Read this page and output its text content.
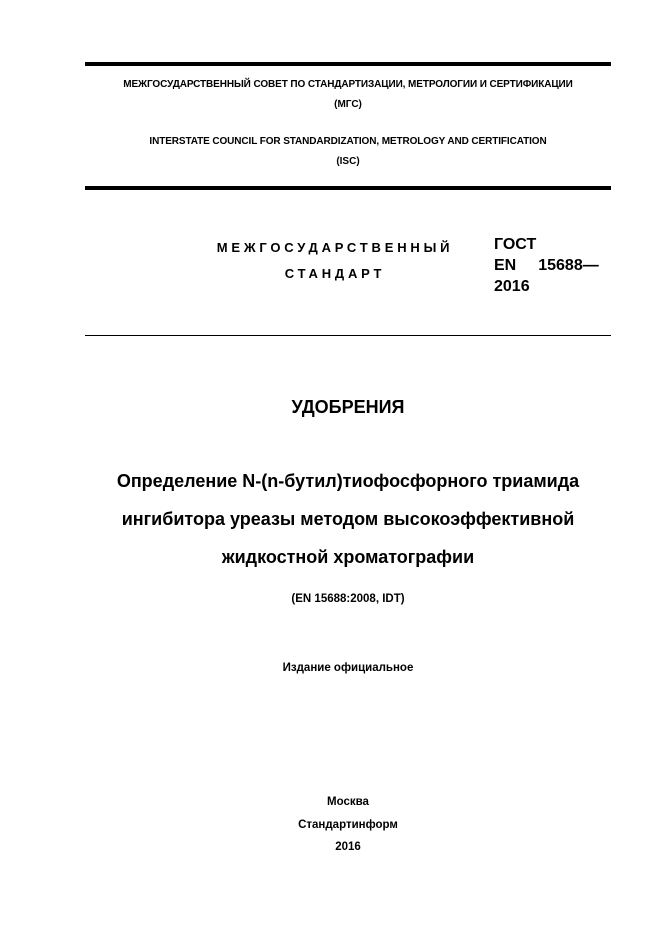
МЕЖГОСУДАРСТВЕННЫЙ СОВЕТ ПО СТАНДАРТИЗАЦИИ, МЕТРОЛОГИИ И СЕРТИФИКАЦИИ
(МГС)
INTERSTATE COUNCIL FOR STANDARDIZATION, METROLOGY AND CERTIFICATION
(ISC)
МЕЖГОСУДАРСТВЕННЫЙ
СТАНДАРТ
ГОСТ
EN 15688—
2016
УДОБРЕНИЯ
Определение N-(n-бутил)тиофосфорного триамида
ингибитора уреазы методом высокоэффективной
жидкостной хроматографии
(EN 15688:2008, IDT)
Издание официальное
Москва
Стандартинформ
2016
